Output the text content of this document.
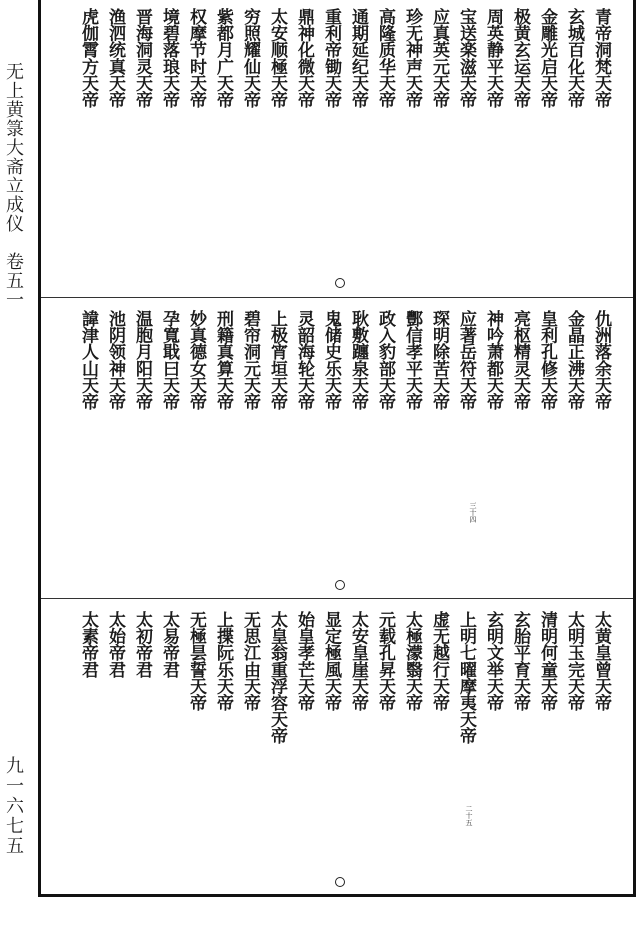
无上黄箓大斋立成仪　卷五一
九一六七五
青帝洞梵天帝
玄城百化天帝
金雕光启天帝
极黄玄运天帝
周英静平天帝
宝送楽滋天帝
应真英元天帝
珍无神声天帝
高隆质华天帝
通期延纪天帝
重利帝锄天帝
鼎神化微天帝
太安顺極天帝
穷照耀仙天帝
紫都月广天帝
权摩节时天帝
境碧落琅天帝
晋海洞灵天帝
渔泗统真天帝
虎伽霄方天帝
仇洲落余天帝
金晶正沸天帝
皇利孔修天帝
亮枢精灵天帝
神吟萧都天帝
应著岳符天帝
琛明除苦天帝
酆信孝平天帝
政入豹部天帝
耿敷躔泉天帝
鬼储史乐天帝
灵韶海轮天帝
上极宵垣天帝
碧帘洞元天帝
刑籍真算天帝
妙真德女天帝
孕寬戢曰天帝
温胞月阳天帝
池阴领神天帝
諱津人山天帝
三十四
太黄皇曾天帝
太明玉完天帝
清明何童天帝
玄胎平育天帝
玄明文举天帝
上明七曜摩夷天帝
虚无越行天帝
太極濛翳天帝
元载孔昇天帝
太安皇崖天帝
显定極風天帝
始皇孝芒天帝
太皇翁重浮容天帝
无思江由天帝
上揲阮乐天帝
无極昙誓天帝
太易帝君
太初帝君
太始帝君
太素帝君
二十五
